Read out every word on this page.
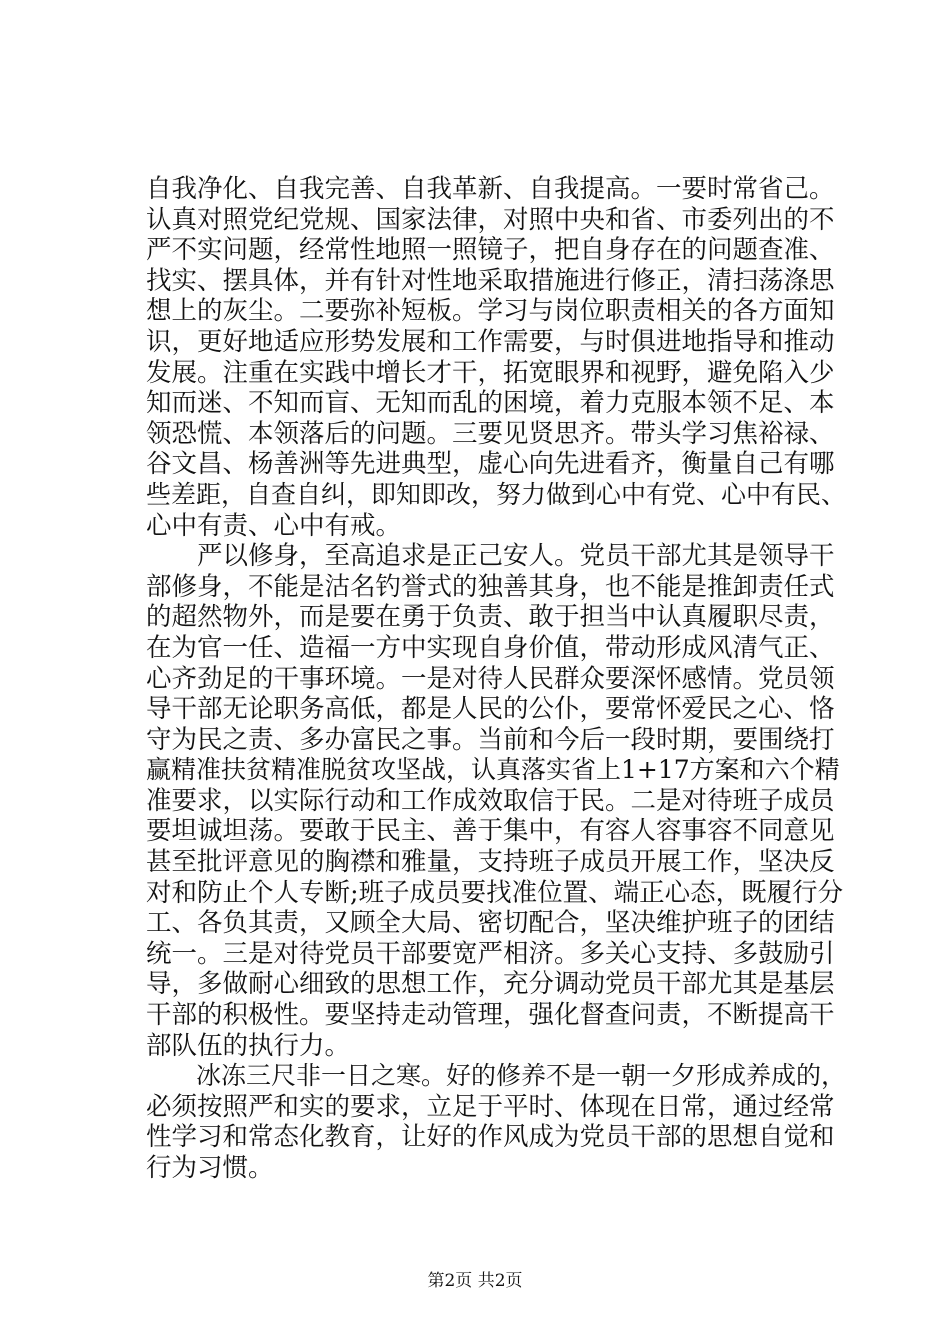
自我净化、自我完善、自我革新、自我提高。一要时常省己。

认真对照党纪党规、国家法律，对照中央和省、市委列出的不

严不实问题，经常性地照一照镜子，把自身存在的问题查准、

找实、摆具体，并有针对性地采取措施进行修正，清扫荡涤思

想上的灰尘。二要弥补短板。学习与岗位职责相关的各方面知

识，更好地适应形势发展和工作需要，与时俱进地指导和推动

发展。注重在实践中增长才干，拓宽眼界和视野，避免陷入少

知而迷、不知而盲、无知而乱的困境，着力克服本领不足、本

领恐慌、本领落后的问题。三要见贤思齐。带头学习焦裕禄、

谷文昌、杨善洲等先进典型，虚心向先进看齐，衡量自己有哪

些差距，自查自纠，即知即改，努力做到心中有党、心中有民、

心中有责、心中有戒。

　　严以修身，至高追求是正己安人。党员干部尤其是领导干

部修身，不能是沽名钓誉式的独善其身，也不能是推卸责任式

的超然物外，而是要在勇于负责、敢于担当中认真履职尽责，

在为官一任、造福一方中实现自身价值，带动形成风清气正、

心齐劲足的干事环境。一是对待人民群众要深怀感情。党员领

导干部无论职务高低，都是人民的公仆，要常怀爱民之心、恪

守为民之责、多办富民之事。当前和今后一段时期，要围绕打

赢精准扶贫精准脱贫攻坚战，认真落实省上1+17方案和六个精

准要求，以实际行动和工作成效取信于民。二是对待班子成员

要坦诚坦荡。要敢于民主、善于集中，有容人容事容不同意见

甚至批评意见的胸襟和雅量，支持班子成员开展工作，坚决反

对和防止个人专断;班子成员要找准位置、端正心态，既履行分

工、各负其责，又顾全大局、密切配合，坚决维护班子的团结

统一。三是对待党员干部要宽严相济。多关心支持、多鼓励引

导，多做耐心细致的思想工作，充分调动党员干部尤其是基层

干部的积极性。要坚持走动管理，强化督查问责，不断提高干

部队伍的执行力。

　　冰冻三尺非一日之寒。好的修养不是一朝一夕形成养成的，

必须按照严和实的要求，立足于平时、体现在日常，通过经常

性学习和常态化教育，让好的作风成为党员干部的思想自觉和

行为习惯。

第2页 共2页
